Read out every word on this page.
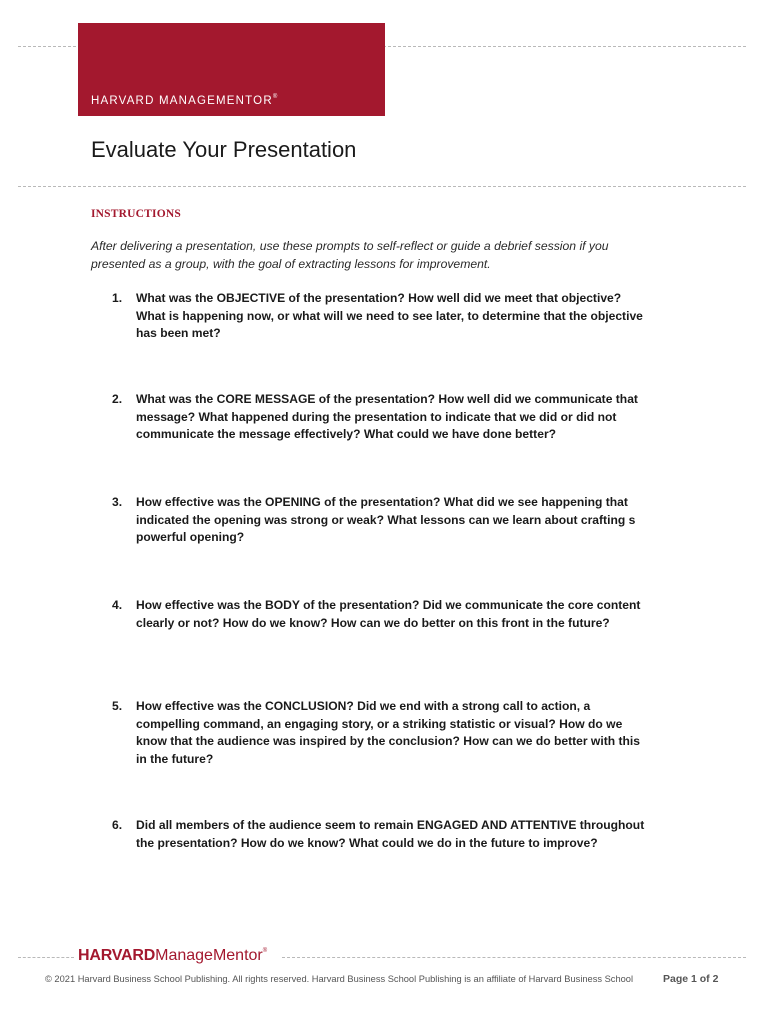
HARVARD MANAGEMENTOR®
Evaluate Your Presentation
INSTRUCTIONS
After delivering a presentation, use these prompts to self-reflect or guide a debrief session if you presented as a group, with the goal of extracting lessons for improvement.
1. What was the OBJECTIVE of the presentation? How well did we meet that objective? What is happening now, or what will we need to see later, to determine that the objective has been met?
2. What was the CORE MESSAGE of the presentation? How well did we communicate that message? What happened during the presentation to indicate that we did or did not communicate the message effectively? What could we have done better?
3. How effective was the OPENING of the presentation? What did we see happening that indicated the opening was strong or weak? What lessons can we learn about crafting s powerful opening?
4. How effective was the BODY of the presentation? Did we communicate the core content clearly or not? How do we know? How can we do better on this front in the future?
5. How effective was the CONCLUSION? Did we end with a strong call to action, a compelling command, an engaging story, or a striking statistic or visual? How do we know that the audience was inspired by the conclusion? How can we do better with this in the future?
6. Did all members of the audience seem to remain ENGAGED AND ATTENTIVE throughout the presentation? How do we know? What could we do in the future to improve?
HARVARDManageMentor®
© 2021 Harvard Business School Publishing. All rights reserved. Harvard Business School Publishing is an affiliate of Harvard Business School	Page 1 of 2
